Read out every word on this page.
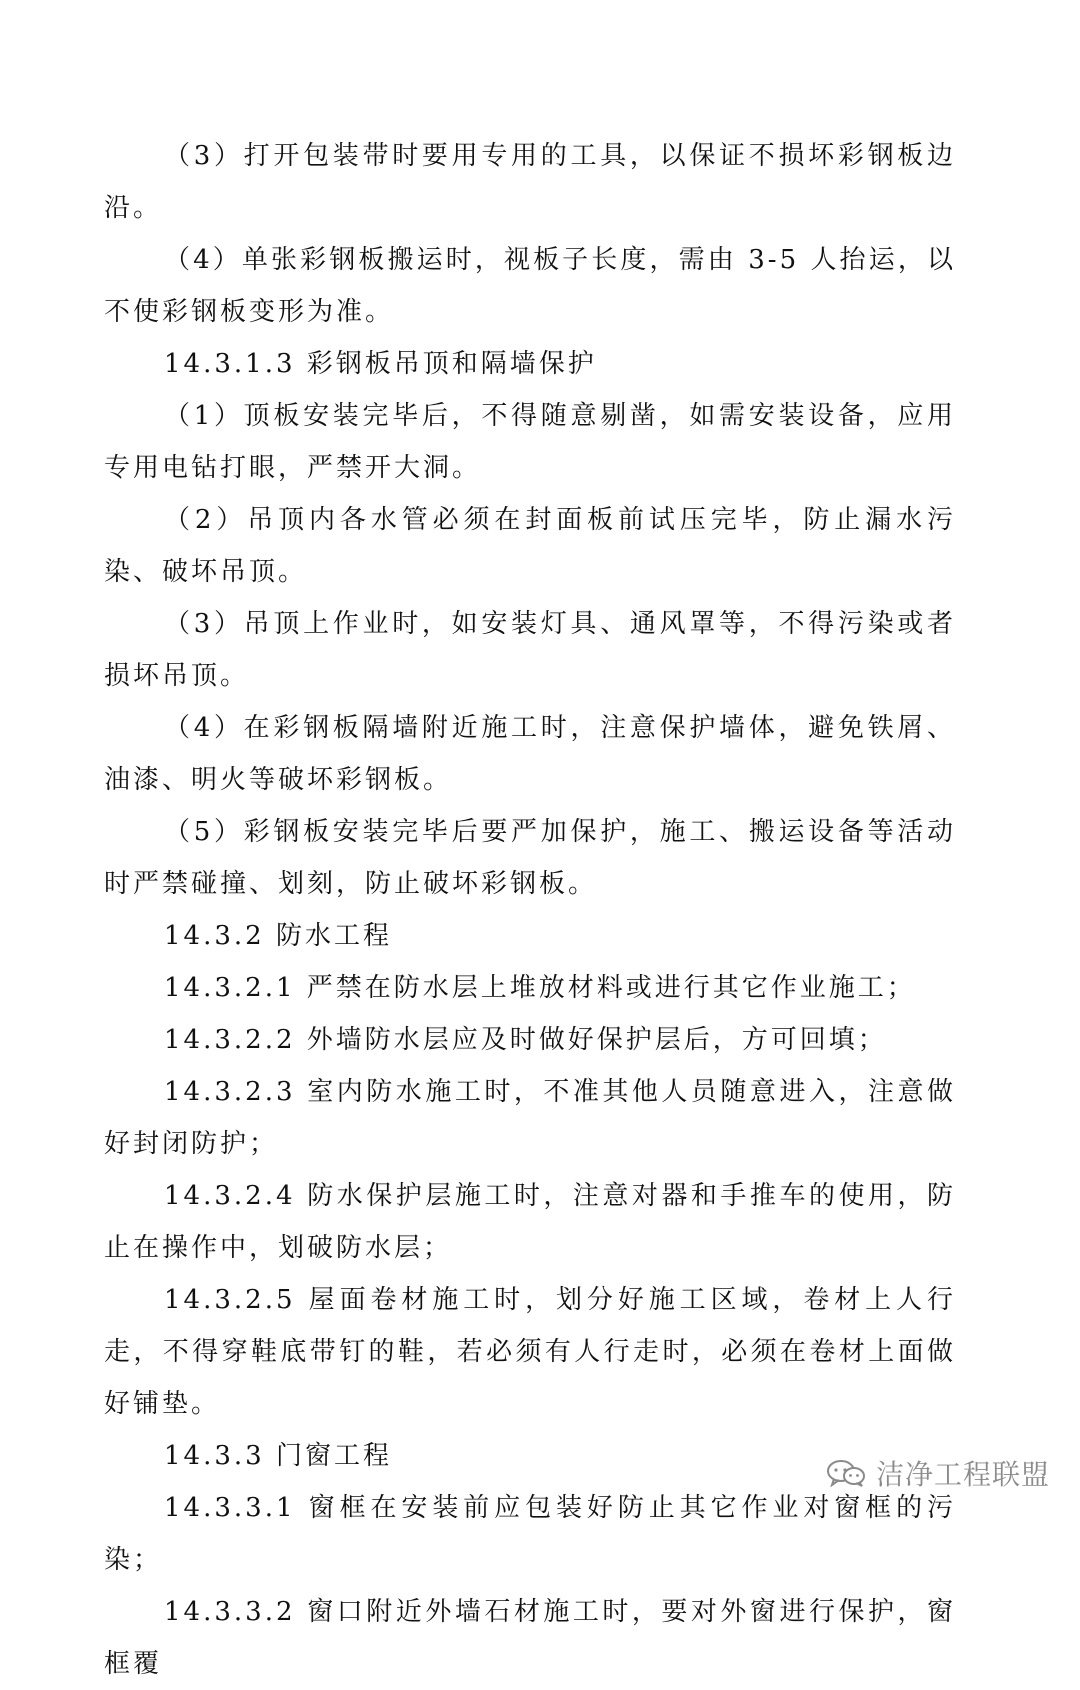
（3）打开包装带时要用专用的工具，以保证不损坏彩钢板边沿。

（4）单张彩钢板搬运时，视板子长度，需由 3-5 人抬运，以不使彩钢板变形为准。

14.3.1.3 彩钢板吊顶和隔墙保护

（1）顶板安装完毕后，不得随意剔凿，如需安装设备，应用专用电钻打眼，严禁开大洞。

（2）吊顶内各水管必须在封面板前试压完毕，防止漏水污染、破坏吊顶。

（3）吊顶上作业时，如安装灯具、通风罩等，不得污染或者损坏吊顶。

（4）在彩钢板隔墙附近施工时，注意保护墙体，避免铁屑、油漆、明火等破坏彩钢板。

（5）彩钢板安装完毕后要严加保护，施工、搬运设备等活动时严禁碰撞、划刻，防止破坏彩钢板。

14.3.2 防水工程

14.3.2.1 严禁在防水层上堆放材料或进行其它作业施工；

14.3.2.2 外墙防水层应及时做好保护层后，方可回填；

14.3.2.3 室内防水施工时，不准其他人员随意进入，注意做好封闭防护；

14.3.2.4 防水保护层施工时，注意对器和手推车的使用，防止在操作中，划破防水层；

14.3.2.5 屋面卷材施工时，划分好施工区域，卷材上人行走，不得穿鞋底带钉的鞋，若必须有人行走时，必须在卷材上面做好铺垫。

14.3.3 门窗工程

14.3.3.1 窗框在安装前应包装好防止其它作业对窗框的污染；

14.3.3.2 窗口附近外墙石材施工时，要对外窗进行保护，窗框覆

洁净工程联盟
